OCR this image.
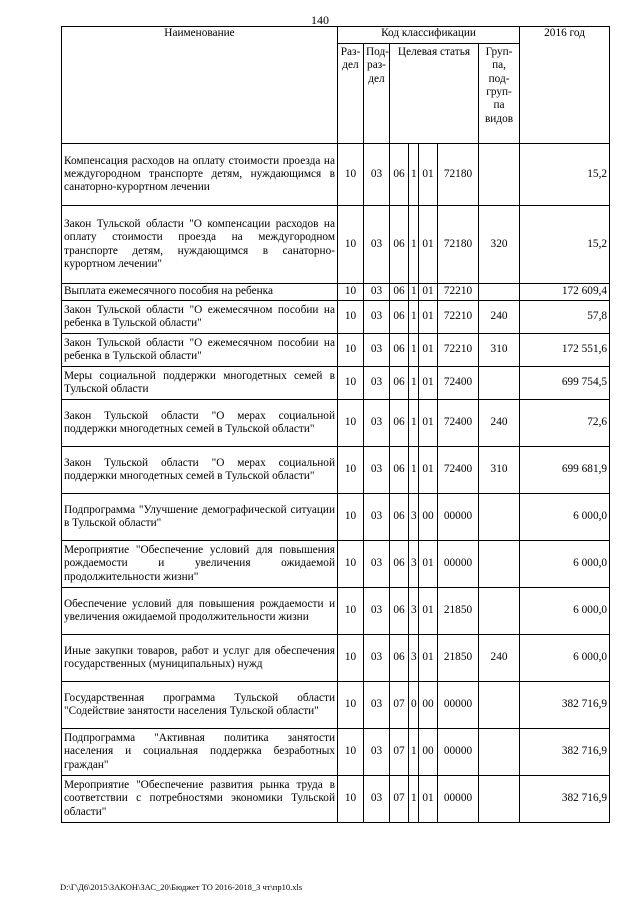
140
Наименование	Код классификации							2016 год
	Раз-дел	Под-раз-дел	Целевая статья				Груп-па, под-груп-па видов	
Компенсация расходов на оплату стоимости проезда на междугородном транспорте детям, нуждающимся в санаторно-курортном лечении	10	03	06	1	01	72180		15,2
Закон Тульской области "О компенсации расходов на оплату стоимости проезда на междугородном транспорте детям, нуждающимся в санаторно-курортном лечении"	10	03	06	1	01	72180	320	15,2
Выплата ежемесячного пособия на ребенка	10	03	06	1	01	72210		172 609,4
Закон Тульской области "О ежемесячном пособии на ребенка в Тульской области"	10	03	06	1	01	72210	240	57,8
Закон Тульской области "О ежемесячном пособии на ребенка в Тульской области"	10	03	06	1	01	72210	310	172 551,6
Меры социальной поддержки многодетных семей в Тульской области	10	03	06	1	01	72400		699 754,5
Закон Тульской области "О мерах социальной поддержки многодетных семей в Тульской области"	10	03	06	1	01	72400	240	72,6
Закон Тульской области "О мерах социальной поддержки многодетных семей в Тульской области"	10	03	06	1	01	72400	310	699 681,9
Подпрограмма "Улучшение демографической ситуации в Тульской области"	10	03	06	3	00	00000		6 000,0
Мероприятие "Обеспечение условий для повышения рождаемости и увеличения ожидаемой продолжительности жизни"	10	03	06	3	01	00000		6 000,0
Обеспечение условий для повышения рождаемости и увеличения ожидаемой продолжительности жизни	10	03	06	3	01	21850		6 000,0
Иные закупки товаров, работ и услуг для обеспечения государственных (муниципальных) нужд	10	03	06	3	01	21850	240	6 000,0
Государственная программа Тульской области "Содействие занятости населения Тульской области"	10	03	07	0	00	00000		382 716,9
Подпрограмма "Активная политика занятости населения и социальная поддержка безработных граждан"	10	03	07	1	00	00000		382 716,9
Мероприятие "Обеспечение развития рынка труда в соответствии с потребностями экономики Тульской области"	10	03	07	1	01	00000		382 716,9
D:\Г\Д6\2015\ЗАКОН\ЗАС_20\Бюджет ТО 2016-2018_3 чт\пр10.xls
